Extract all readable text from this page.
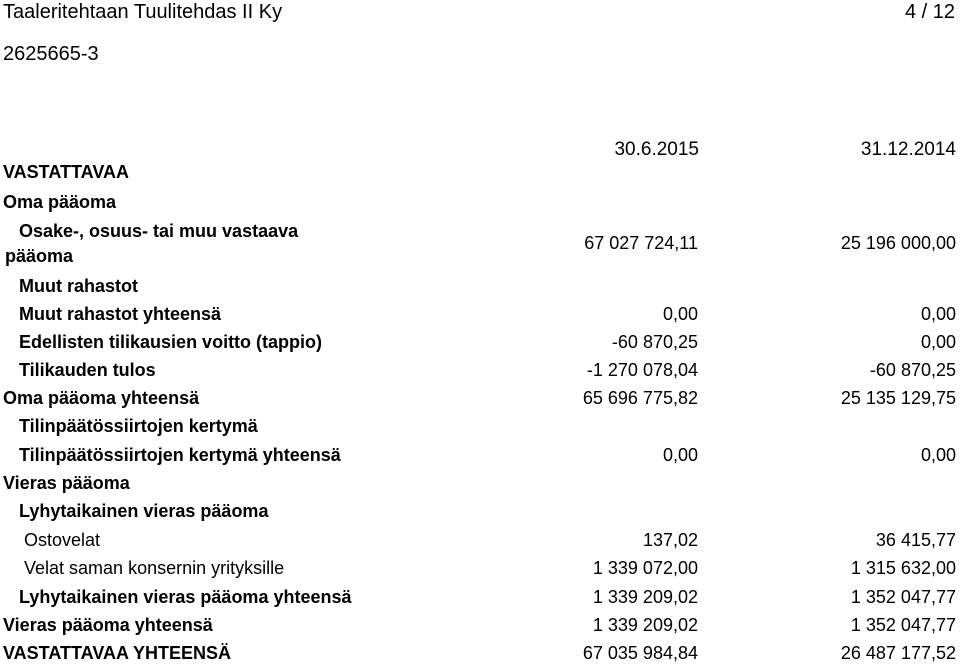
Taaleritehtaan Tuulitehdas II Ky	4 / 12
2625665-3
30.6.2015	31.12.2014
VASTATTAVAA
Oma pääoma
Osake-, osuus- tai muu vastaava
pääoma
67 027 724,11	25 196 000,00
Muut rahastot
Muut rahastot yhteensä	0,00	0,00
Edellisten tilikausien voitto (tappio)	-60 870,25	0,00
Tilikauden tulos	-1 270 078,04	-60 870,25
Oma pääoma yhteensä	65 696 775,82	25 135 129,75
Tilinpäätössiirtojen kertymä
Tilinpäätössiirtojen kertymä yhteensä	0,00	0,00
Vieras pääoma
Lyhytaikainen vieras pääoma
Ostovelat	137,02	36 415,77
Velat saman konsernin yrityksille	1 339 072,00	1 315 632,00
Lyhytaikainen vieras pääoma yhteensä	1 339 209,02	1 352 047,77
Vieras pääoma yhteensä	1 339 209,02	1 352 047,77
VASTATTAVAA YHTEENSÄ	67 035 984,84	26 487 177,52
